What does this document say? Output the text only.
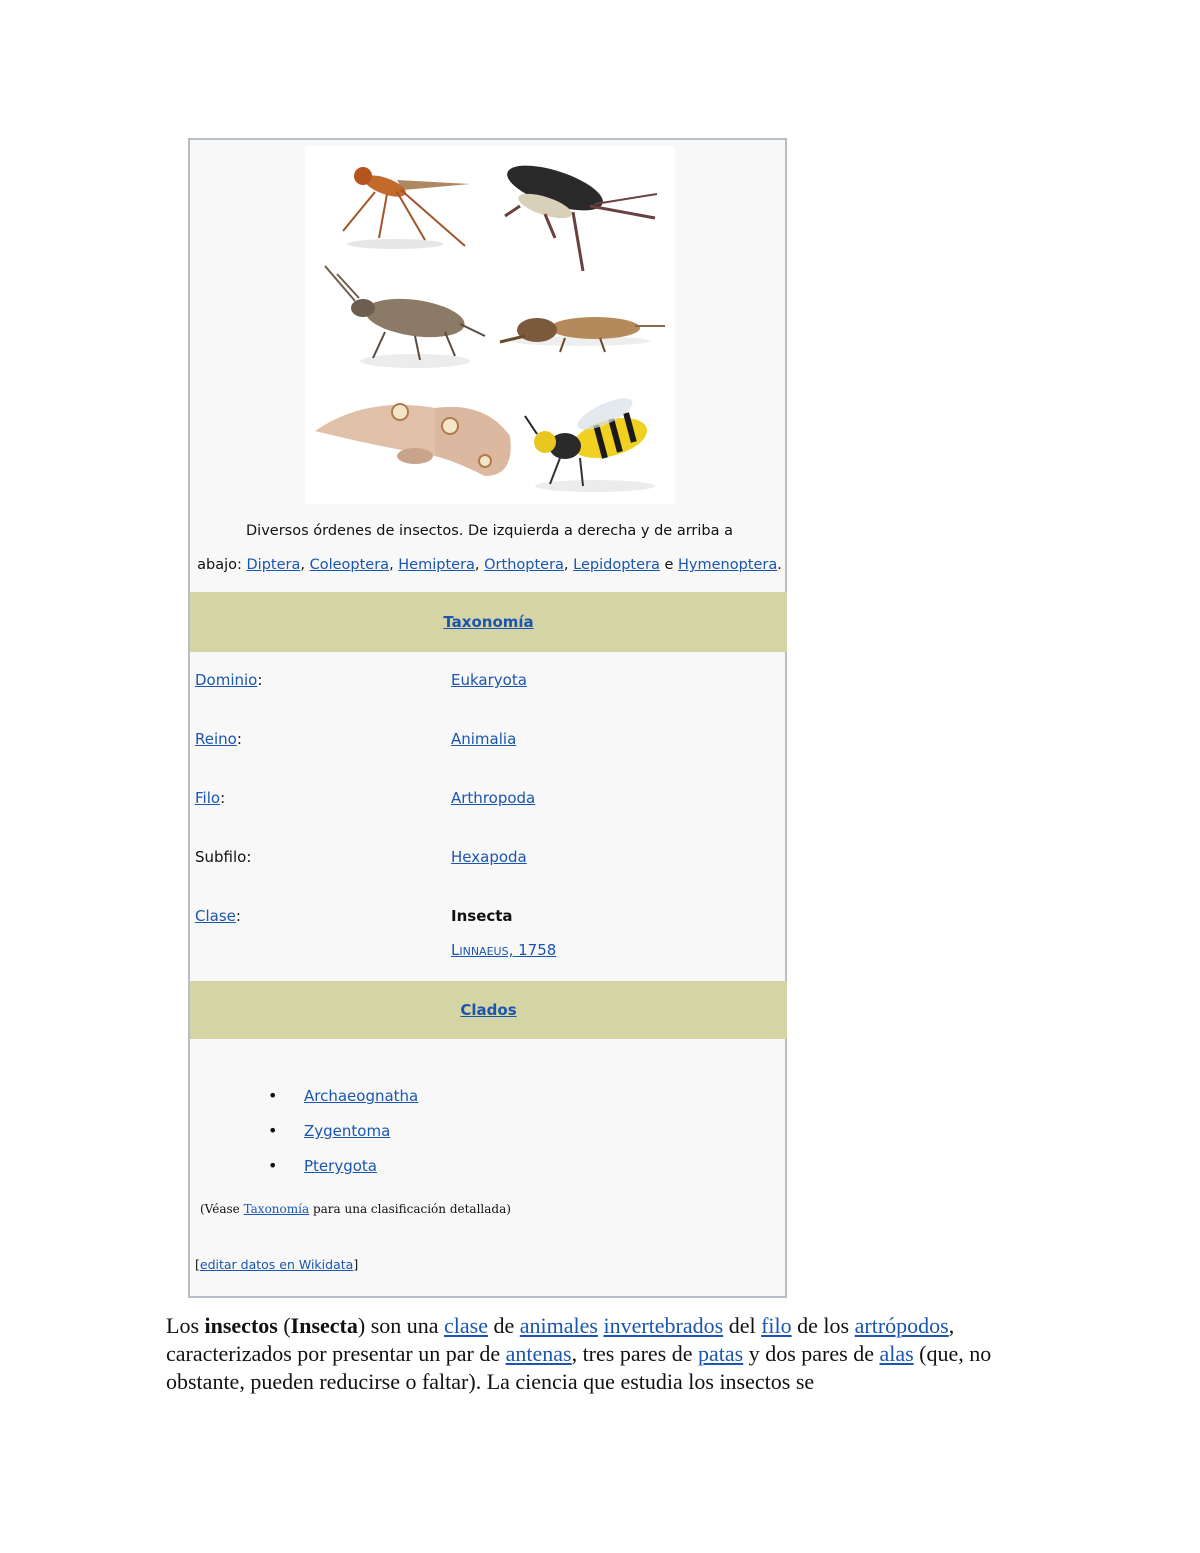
Diversos órdenes de insectos. De izquierda a derecha y de arriba a
abajo: Diptera, Coleoptera, Hemiptera, Orthoptera, Lepidoptera e Hymenoptera.
Taxonomía
Dominio:	Eukaryota
Reino:	Animalia
Filo:	Arthropoda
Subfilo:	Hexapoda
Clase:	Insecta
Linnaeus, 1758
Clados
• Archaeognatha
• Zygentoma
• Pterygota
(Véase Taxonomía para una clasificación detallada)
[editar datos en Wikidata]
Los insectos (Insecta) son una clase de animales invertebrados del filo de los artrópodos, caracterizados por presentar un par de antenas, tres pares de patas y dos pares de alas (que, no obstante, pueden reducirse o faltar). La ciencia que estudia los insectos se
